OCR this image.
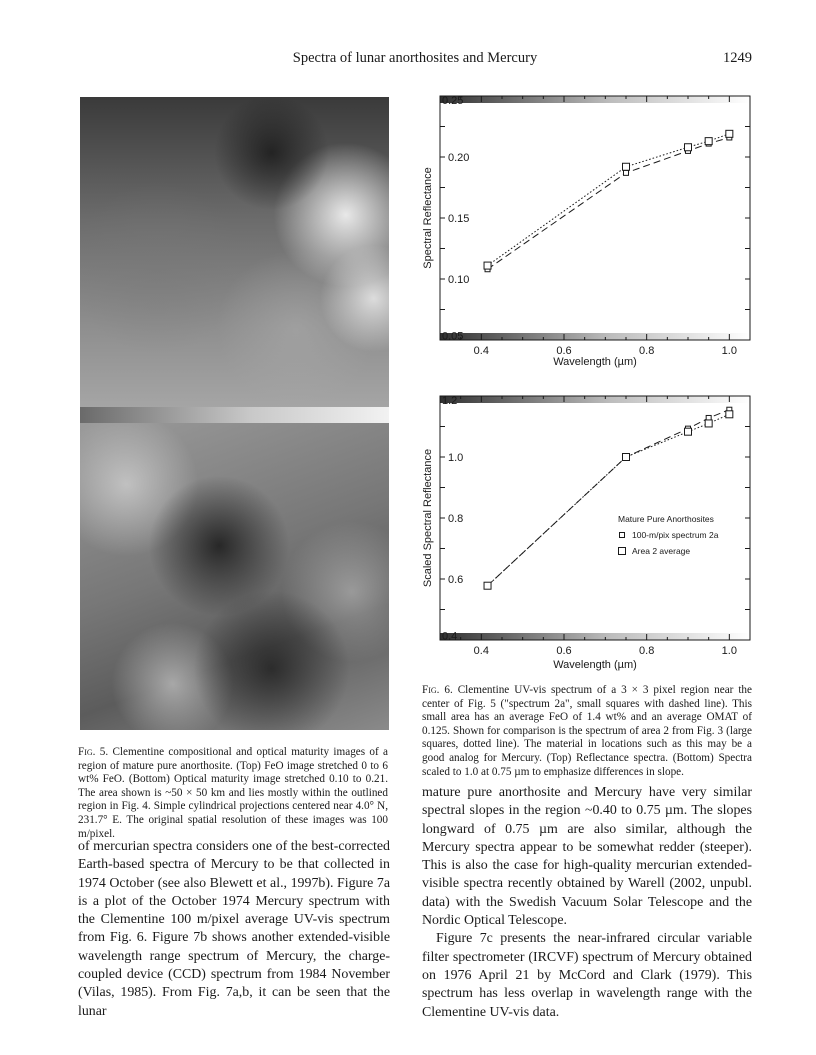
Spectra of lunar anorthosites and Mercury	1249
0.25
0.05
0.4	0.6	0.8	1.0
0.10
0.15
0.20
Wavelength (µm)
Spectral Reflectance
1.2
0.4
0.4	0.6	0.8	1.0
0.6
0.8
1.0
Wavelength (µm)
Scaled Spectral Reflectance	Mature Pure Anorthosites
100-m/pix spectrum 2a
Area 2 average
Fig. 5. Clementine compositional and optical maturity images of a region of mature pure anorthosite. (Top) FeO image stretched 0 to 6 wt% FeO. (Bottom) Optical maturity image stretched 0.10 to 0.21. The area shown is ~50 × 50 km and lies mostly within the outlined region in Fig. 4. Simple cylindrical projections centered near 4.0° N, 231.7° E. The original spatial resolution of these images was 100 m/pixel.
Fig. 6. Clementine UV-vis spectrum of a 3 × 3 pixel region near the center of Fig. 5 ("spectrum 2a", small squares with dashed line). This small area has an average FeO of 1.4 wt% and an average OMAT of 0.125. Shown for comparison is the spectrum of area 2 from Fig. 3 (large squares, dotted line). The material in locations such as this may be a good analog for Mercury. (Top) Reflectance spectra. (Bottom) Spectra scaled to 1.0 at 0.75 µm to emphasize differences in slope.

of mercurian spectra considers one of the best-corrected Earth-based spectra of Mercury to be that collected in 1974 October (see also Blewett et al., 1997b). Figure 7a is a plot of the October 1974 Mercury spectrum with the Clementine 100 m/pixel average UV-vis spectrum from Fig. 6. Figure 7b shows another extended-visible wavelength range spectrum of Mercury, the charge-coupled device (CCD) spectrum from 1984 November (Vilas, 1985). From Fig. 7a,b, it can be seen that the lunar

mature pure anorthosite and Mercury have very similar spectral slopes in the region ~0.40 to 0.75 µm. The slopes longward of 0.75 µm are also similar, although the Mercury spectra appear to be somewhat redder (steeper). This is also the case for high-quality mercurian extended-visible spectra recently obtained by Warell (2002, unpubl. data) with the Swedish Vacuum Solar Telescope and the Nordic Optical Telescope.

Figure 7c presents the near-infrared circular variable filter spectrometer (IRCVF) spectrum of Mercury obtained on 1976 April 21 by McCord and Clark (1979). This spectrum has less overlap in wavelength range with the Clementine UV-vis data.
